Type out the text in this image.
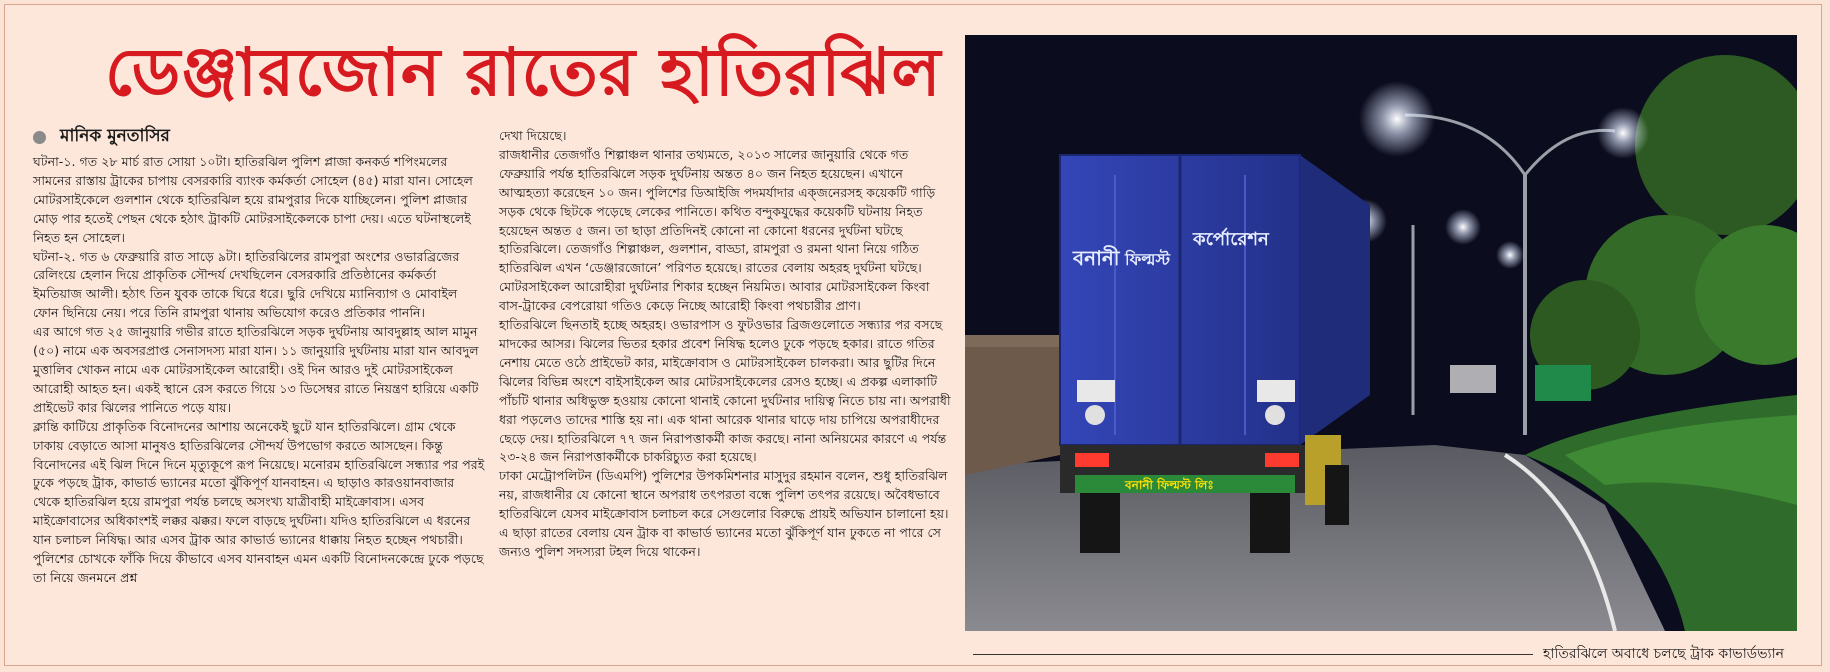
ডেঞ্জারজোন রাতের হাতিরঝিল
মানিক মুনতাসির

ঘটনা-১. গত ২৮ মার্চ রাত সোয়া ১০টা। হাতিরঝিল পুলিশ প্লাজা কনকর্ড শপিংমলের সামনের রাস্তায় ট্রাকের চাপায় বেসরকারি ব্যাংক কর্মকর্তা সোহেল (৪৫) মারা যান। সোহেল মোটরসাইকেলে গুলশান থেকে হাতিরঝিল হয়ে রামপুরার দিকে যাচ্ছিলেন। পুলিশ প্লাজার মোড় পার হতেই পেছন থেকে হঠাৎ ট্রাকটি মোটরসাইকেলকে চাপা দেয়। এতে ঘটনাস্থলেই নিহত হন সোহেল।

ঘটনা-২. গত ৬ ফেব্রুয়ারি রাত সাড়ে ৯টা। হাতিরঝিলের রামপুরা অংশের ওভারব্রিজের রেলিংয়ে হেলান দিয়ে প্রাকৃতিক সৌন্দর্য দেখছিলেন বেসরকারি প্রতিষ্ঠানের কর্মকর্তা ইমতিয়াজ আলী। হঠাৎ তিন যুবক তাকে ঘিরে ধরে। ছুরি দেখিয়ে ম্যানিব্যাগ ও মোবাইল ফোন ছিনিয়ে নেয়। পরে তিনি রামপুরা থানায় অভিযোগ করেও প্রতিকার পাননি।

এর আগে গত ২৫ জানুয়ারি গভীর রাতে হাতিরঝিলে সড়ক দুর্ঘটনায় আবদুল্লাহ আল মামুন (৫০) নামে এক অবসরপ্রাপ্ত সেনাসদস্য মারা যান। ১১ জানুয়ারি দুর্ঘটনায় মারা যান আবদুল মুত্তালিব খোকন নামে এক মোটরসাইকেল আরোহী। ওই দিন আরও দুই মোটরসাইকেল আরোহী আহত হন। একই স্থানে রেস করতে গিয়ে ১৩ ডিসেম্বর রাতে নিয়ন্ত্রণ হারিয়ে একটি প্রাইভেট কার ঝিলের পানিতে পড়ে যায়।

ক্লান্তি কাটিয়ে প্রাকৃতিক বিনোদনের আশায় অনেকেই ছুটে যান হাতিরঝিলে। গ্রাম থেকে ঢাকায় বেড়াতে আসা মানুষও হাতিরঝিলের সৌন্দর্য উপভোগ করতে আসছেন। কিন্তু বিনোদনের এই ঝিল দিনে দিনে মৃত্যুকূপে রূপ নিয়েছে। মনোরম হাতিরঝিলে সন্ধ্যার পর পরই ঢুকে পড়ছে ট্রাক, কাভার্ড ভ্যানের মতো ঝুঁকিপূর্ণ যানবাহন। এ ছাড়াও কারওয়ানবাজার থেকে হাতিরঝিল হয়ে রামপুরা পর্যন্ত চলছে অসংখ্য যাত্রীবাহী মাইক্রোবাস। এসব মাইক্রোবাসের অধিকাংশই লক্কর ঝক্কর। ফলে বাড়ছে দুর্ঘটনা। যদিও হাতিরঝিলে এ ধরনের যান চলাচল নিষিদ্ধ। আর এসব ট্রাক আর কাভার্ড ভ্যানের ধাক্কায় নিহত হচ্ছেন পথচারী। পুলিশের চোখকে ফাঁকি দিয়ে কীভাবে এসব যানবাহন এমন একটি বিনোদনকেন্দ্রে ঢুকে পড়ছে তা নিয়ে জনমনে প্রশ্ন

দেখা দিয়েছে।

রাজধানীর তেজগাঁও শিল্পাঞ্চল থানার তথ্যমতে, ২০১৩ সালের জানুয়ারি থেকে গত ফেব্রুয়ারি পর্যন্ত হাতিরঝিলে সড়ক দুর্ঘটনায় অন্তত ৪০ জন নিহত হয়েছেন। এখানে আত্মহত্যা করেছেন ১০ জন। পুলিশের ডিআইজি পদমর্যাদার এক্জনেরসহ কয়েকটি গাড়ি সড়ক থেকে ছিটকে পড়েছে লেকের পানিতে। কথিত বন্দুকযুদ্ধের কয়েকটি ঘটনায় নিহত হয়েছেন অন্তত ৫ জন। তা ছাড়া প্রতিদিনই কোনো না কোনো ধরনের দুর্ঘটনা ঘটছে হাতিরঝিলে। তেজগাঁও শিল্পাঞ্চল, গুলশান, বাড্ডা, রামপুরা ও রমনা থানা নিয়ে গঠিত হাতিরঝিল এখন ‘ডেঞ্জারজোনে’ পরিণত হয়েছে। রাতের বেলায় অহরহ দুর্ঘটনা ঘটছে। মোটরসাইকেল আরোহীরা দুর্ঘটনার শিকার হচ্ছেন নিয়মিত। আবার মোটরসাইকেল কিংবা বাস-ট্রাকের বেপরোয়া গতিও কেড়ে নিচ্ছে আরোহী কিংবা পথচারীর প্রাণ।

হাতিরঝিলে ছিনতাই হচ্ছে অহরহ। ওভারপাস ও ফুটওভার ব্রিজগুলোতে সন্ধ্যার পর বসছে মাদকের আসর। ঝিলের ভিতর হকার প্রবেশ নিষিদ্ধ হলেও ঢুকে পড়ছে হকার। রাতে গতির নেশায় মেতে ওঠে প্রাইভেট কার, মাইক্রোবাস ও মোটরসাইকেল চালকরা। আর ছুটির দিনে ঝিলের বিভিন্ন অংশে বাইসাইকেল আর মোটরসাইকেলের রেসও হচ্ছে। এ প্রকল্প এলাকাটি পাঁচটি থানার অধিভুক্ত হওয়ায় কোনো থানাই কোনো দুর্ঘটনার দায়িত্ব নিতে চায় না। অপরাধী ধরা পড়লেও তাদের শাস্তি হয় না। এক থানা আরেক থানার ঘাড়ে দায় চাপিয়ে অপরাধীদের ছেড়ে দেয়। হাতিরঝিলে ৭৭ জন নিরাপত্তাকর্মী কাজ করছে। নানা অনিয়মের কারণে এ পর্যন্ত ২৩-২৪ জন নিরাপত্তাকর্মীকে চাকরিচ্যুত করা হয়েছে।

ঢাকা মেট্রোপলিটন (ডিএমপি) পুলিশের উপকমিশনার মাসুদুর রহমান বলেন, শুধু হাতিরঝিল নয়, রাজধানীর যে কোনো স্থানে অপরাধ তৎপরতা বন্ধে পুলিশ তৎপর রয়েছে। অবৈধভাবে হাতিরঝিলে যেসব মাইক্রোবাস চলাচল করে সেগুলোর বিরুদ্ধে প্রায়ই অভিযান চালানো হয়। এ ছাড়া রাতের বেলায় যেন ট্রাক বা কাভার্ড ভ্যানের মতো ঝুঁকিপূর্ণ যান ঢুকতে না পারে সে জন্যও পুলিশ সদস্যরা টহল দিয়ে থাকেন।

বনানী ফিল্মস্ট
কর্পোরেশন
বনানী ফিল্মস্ট লিঃ
হাতিরঝিলে অবাধে চলছে ট্রাক কাভার্ডভ্যান
